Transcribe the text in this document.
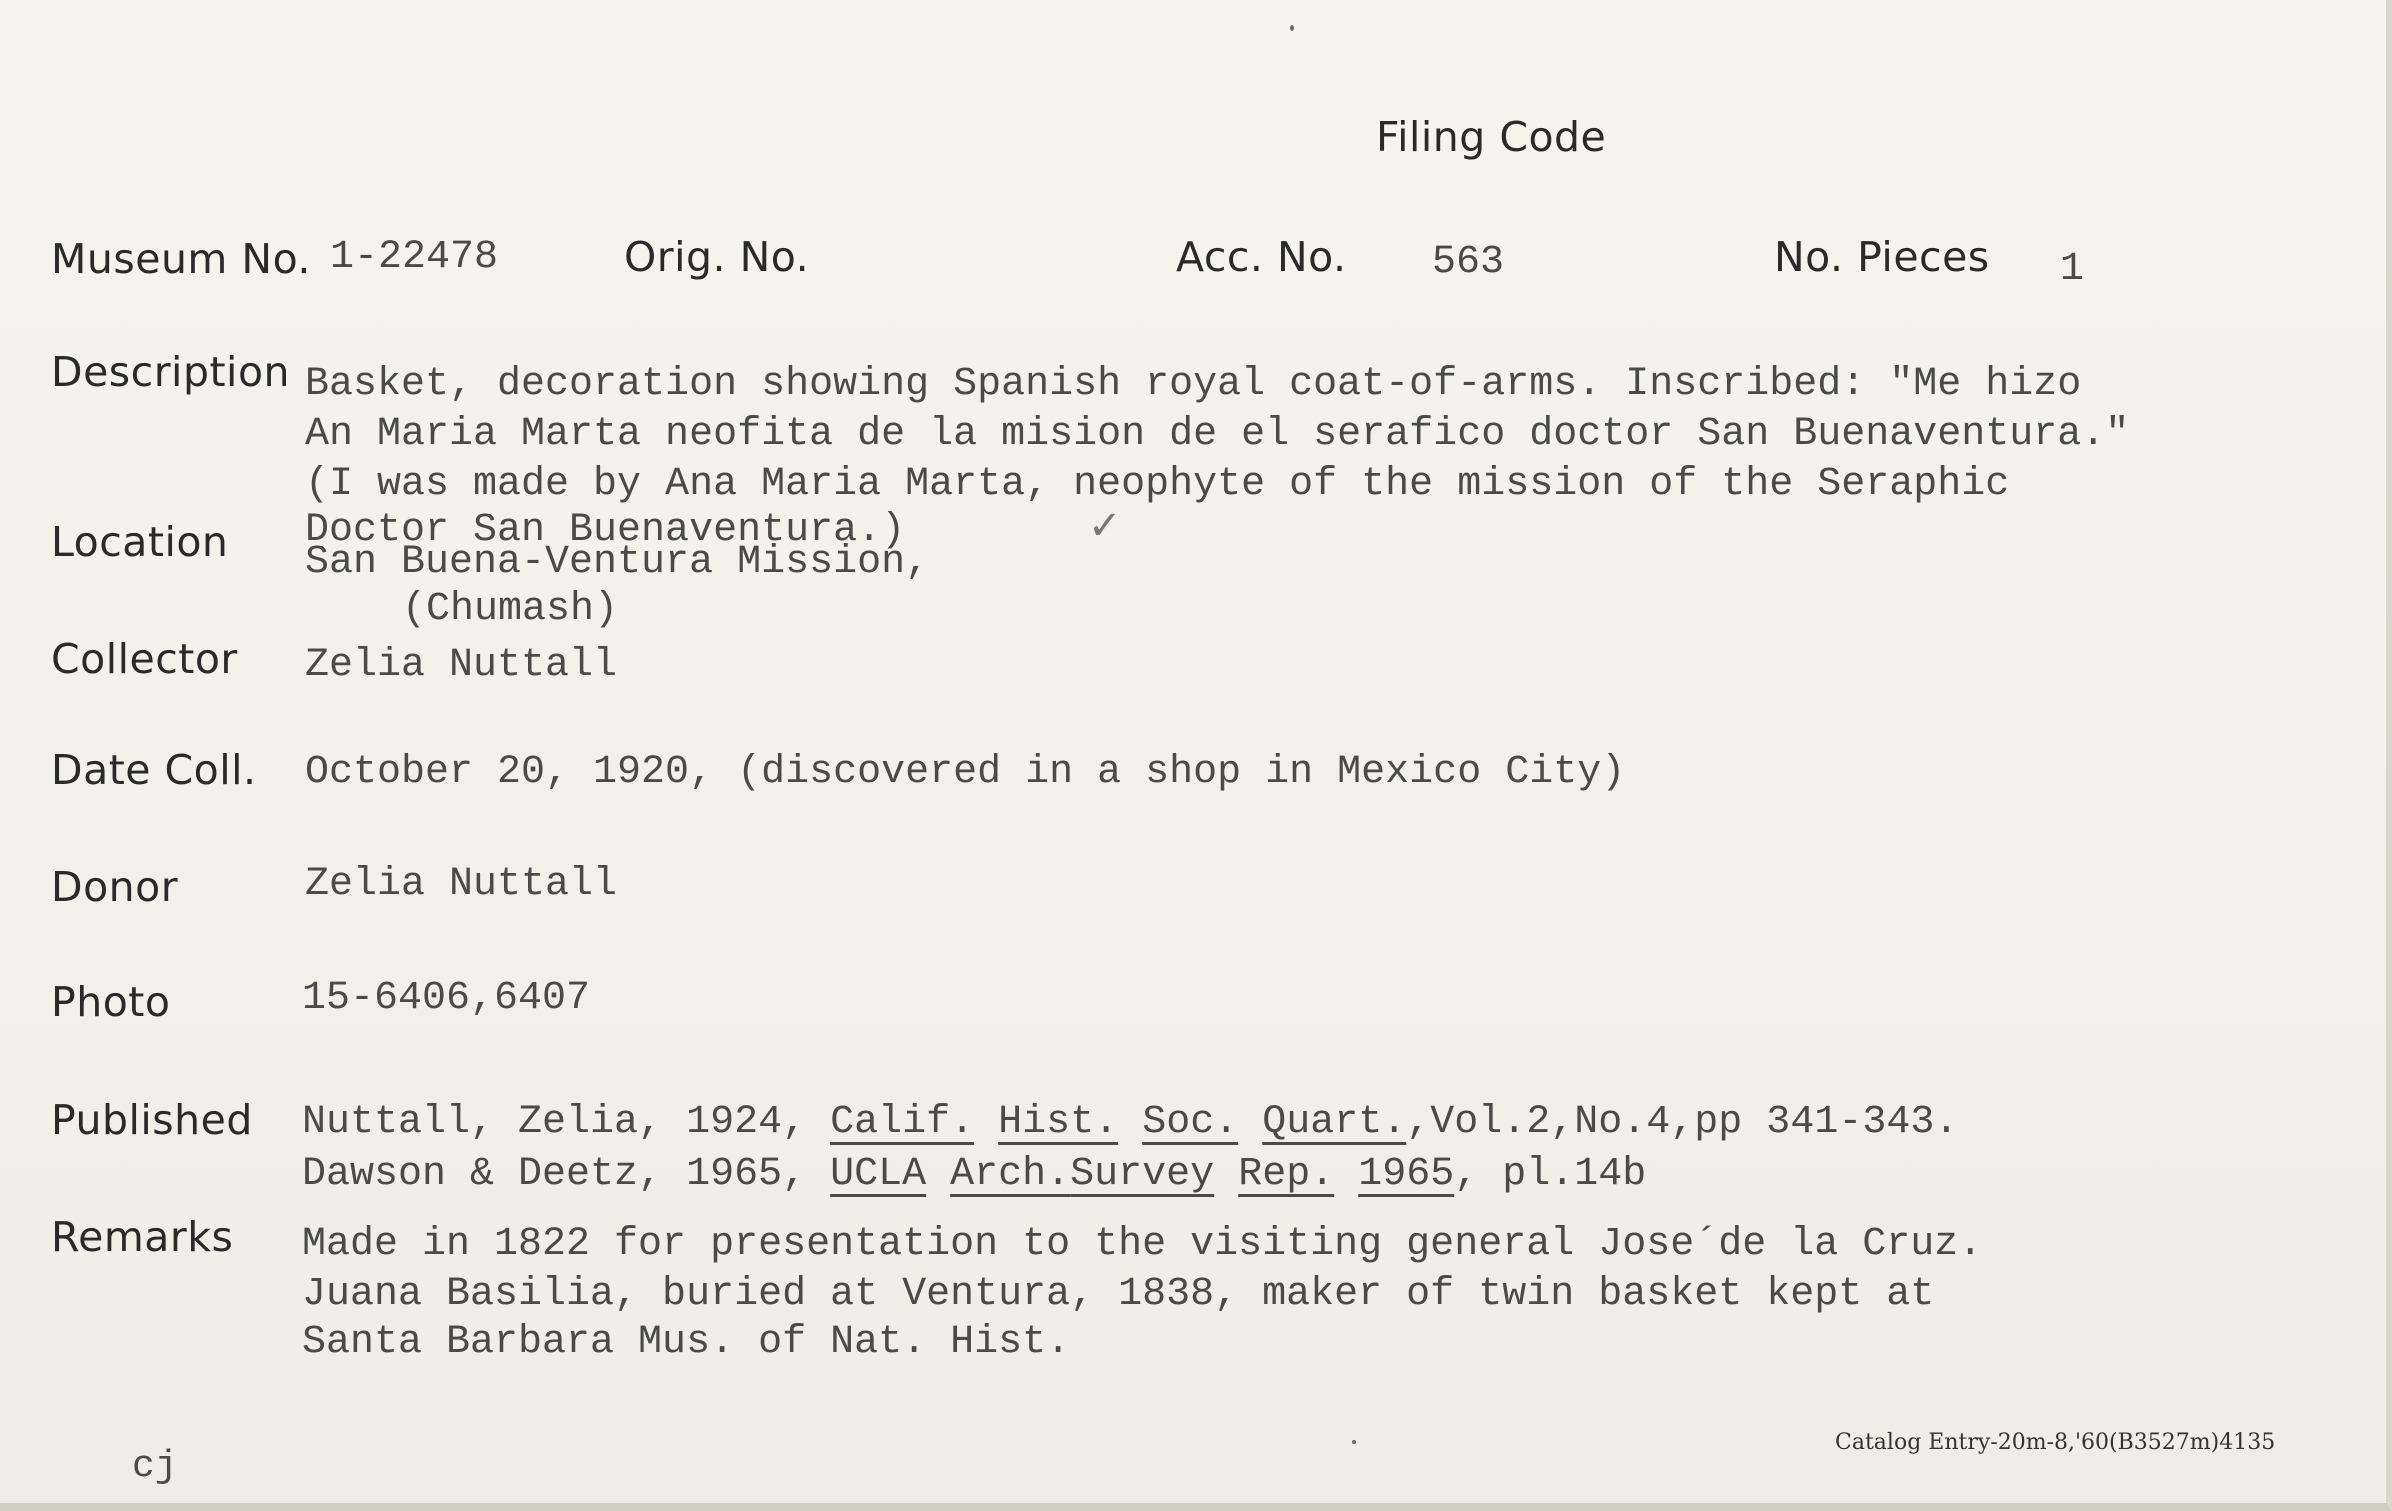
Filing Code
Museum No. 1-22478	Orig. No.	Acc. No. 563	No. Pieces 1
Description Basket, decoration showing Spanish royal coat-of-arms. Inscribed: "Me hizo
An Maria Marta neofita de la mision de el serafico doctor San Buenaventura."
(I was made by Ana Maria Marta, neophyte of the mission of the Seraphic
Doctor San Buenaventura.)	✓
Location San Buena-Ventura Mission,
(Chumash)
Collector Zelia Nuttall
Date Coll. October 20, 1920, (discovered in a shop in Mexico City)
Donor	Zelia Nuttall
Photo	15-6406,6407
Published Nuttall, Zelia, 1924, Calif. Hist. Soc. Quart.,Vol.2,No.4,pp 341-343.
Dawson & Deetz, 1965, UCLA Arch.Survey Rep. 1965, pl.14b
Remarks Made in 1822 for presentation to the visiting general Jose´de la Cruz.
Juana Basilia, buried at Ventura, 1838, maker of twin basket kept at
Santa Barbara Mus. of Nat. Hist.
cj
Catalog Entry-20m-8,'60(B3527m)4135
